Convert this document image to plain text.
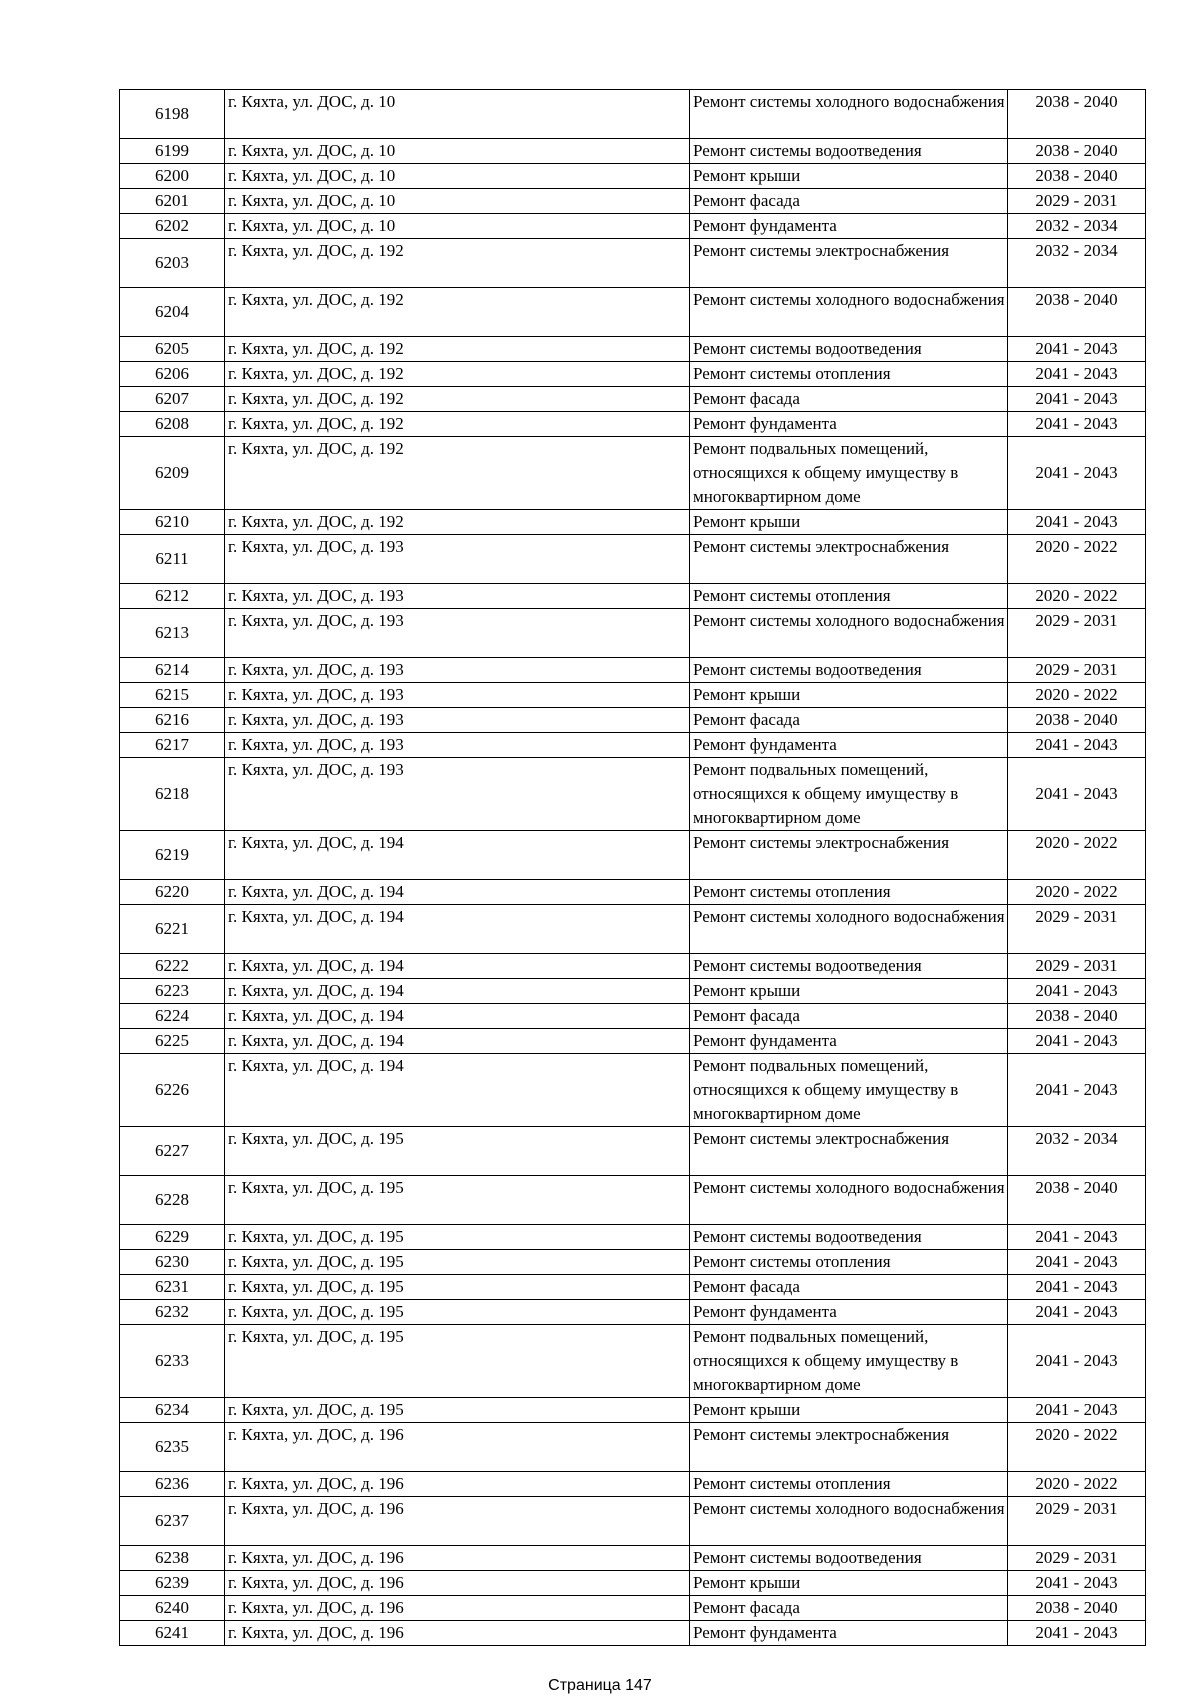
6198	г. Кяхта, ул. ДОС, д. 10	Ремонт системы холодного водоснабжения	2038 - 2040
6199	г. Кяхта, ул. ДОС, д. 10	Ремонт системы водоотведения	2038 - 2040
6200	г. Кяхта, ул. ДОС, д. 10	Ремонт крыши	2038 - 2040
6201	г. Кяхта, ул. ДОС, д. 10	Ремонт фасада	2029 - 2031
6202	г. Кяхта, ул. ДОС, д. 10	Ремонт фундамента	2032 - 2034
6203	г. Кяхта, ул. ДОС, д. 192	Ремонт системы электроснабжения	2032 - 2034
6204	г. Кяхта, ул. ДОС, д. 192	Ремонт системы холодного водоснабжения	2038 - 2040
6205	г. Кяхта, ул. ДОС, д. 192	Ремонт системы водоотведения	2041 - 2043
6206	г. Кяхта, ул. ДОС, д. 192	Ремонт системы отопления	2041 - 2043
6207	г. Кяхта, ул. ДОС, д. 192	Ремонт фасада	2041 - 2043
6208	г. Кяхта, ул. ДОС, д. 192	Ремонт фундамента	2041 - 2043
6209	г. Кяхта, ул. ДОС, д. 192	Ремонт подвальных помещений, относящихся к общему имуществу в многоквартирном доме	2041 - 2043
6210	г. Кяхта, ул. ДОС, д. 192	Ремонт крыши	2041 - 2043
6211	г. Кяхта, ул. ДОС, д. 193	Ремонт системы электроснабжения	2020 - 2022
6212	г. Кяхта, ул. ДОС, д. 193	Ремонт системы отопления	2020 - 2022
6213	г. Кяхта, ул. ДОС, д. 193	Ремонт системы холодного водоснабжения	2029 - 2031
6214	г. Кяхта, ул. ДОС, д. 193	Ремонт системы водоотведения	2029 - 2031
6215	г. Кяхта, ул. ДОС, д. 193	Ремонт крыши	2020 - 2022
6216	г. Кяхта, ул. ДОС, д. 193	Ремонт фасада	2038 - 2040
6217	г. Кяхта, ул. ДОС, д. 193	Ремонт фундамента	2041 - 2043
6218	г. Кяхта, ул. ДОС, д. 193	Ремонт подвальных помещений, относящихся к общему имуществу в многоквартирном доме	2041 - 2043
6219	г. Кяхта, ул. ДОС, д. 194	Ремонт системы электроснабжения	2020 - 2022
6220	г. Кяхта, ул. ДОС, д. 194	Ремонт системы отопления	2020 - 2022
6221	г. Кяхта, ул. ДОС, д. 194	Ремонт системы холодного водоснабжения	2029 - 2031
6222	г. Кяхта, ул. ДОС, д. 194	Ремонт системы водоотведения	2029 - 2031
6223	г. Кяхта, ул. ДОС, д. 194	Ремонт крыши	2041 - 2043
6224	г. Кяхта, ул. ДОС, д. 194	Ремонт фасада	2038 - 2040
6225	г. Кяхта, ул. ДОС, д. 194	Ремонт фундамента	2041 - 2043
6226	г. Кяхта, ул. ДОС, д. 194	Ремонт подвальных помещений, относящихся к общему имуществу в многоквартирном доме	2041 - 2043
6227	г. Кяхта, ул. ДОС, д. 195	Ремонт системы электроснабжения	2032 - 2034
6228	г. Кяхта, ул. ДОС, д. 195	Ремонт системы холодного водоснабжения	2038 - 2040
6229	г. Кяхта, ул. ДОС, д. 195	Ремонт системы водоотведения	2041 - 2043
6230	г. Кяхта, ул. ДОС, д. 195	Ремонт системы отопления	2041 - 2043
6231	г. Кяхта, ул. ДОС, д. 195	Ремонт фасада	2041 - 2043
6232	г. Кяхта, ул. ДОС, д. 195	Ремонт фундамента	2041 - 2043
6233	г. Кяхта, ул. ДОС, д. 195	Ремонт подвальных помещений, относящихся к общему имуществу в многоквартирном доме	2041 - 2043
6234	г. Кяхта, ул. ДОС, д. 195	Ремонт крыши	2041 - 2043
6235	г. Кяхта, ул. ДОС, д. 196	Ремонт системы электроснабжения	2020 - 2022
6236	г. Кяхта, ул. ДОС, д. 196	Ремонт системы отопления	2020 - 2022
6237	г. Кяхта, ул. ДОС, д. 196	Ремонт системы холодного водоснабжения	2029 - 2031
6238	г. Кяхта, ул. ДОС, д. 196	Ремонт системы водоотведения	2029 - 2031
6239	г. Кяхта, ул. ДОС, д. 196	Ремонт крыши	2041 - 2043
6240	г. Кяхта, ул. ДОС, д. 196	Ремонт фасада	2038 - 2040
6241	г. Кяхта, ул. ДОС, д. 196	Ремонт фундамента	2041 - 2043
Страница 147
